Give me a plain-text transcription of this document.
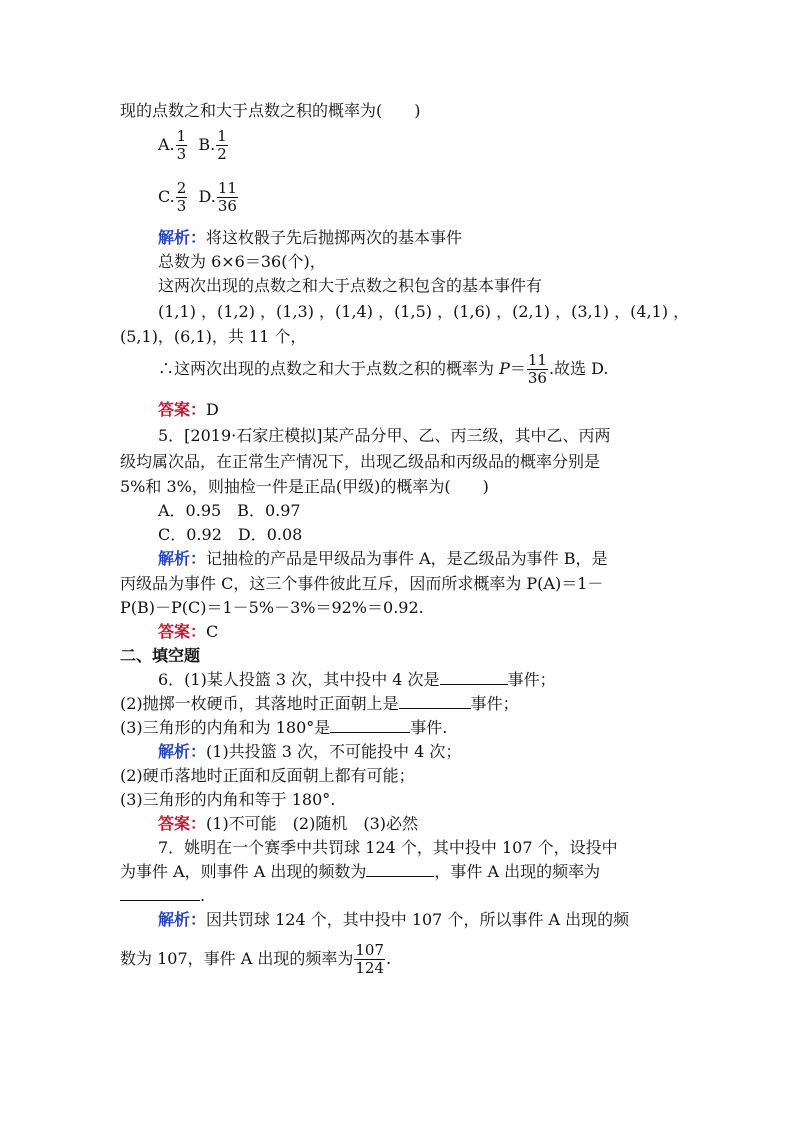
现的点数之和大于点数之积的概率为(　　)
A. $\frac{1}{3} B$. $\frac{1}{2}$
C. $\frac{2}{3} D$. $\frac{11}{36}$
解析：将这枚骰子先后抛掷两次的基本事件
总数为 6×6＝36(个)，
这两次出现的点数之和大于点数之积包含的基本事件有
(1,1) ，(1,2) ，(1,3) ，(1,4) ，(1,5) ，(1,6) ，(2,1) ，(3,1) ，(4,1) ，
(5,1)，(6,1)，共 11 个，
∴这两次出现的点数之和大于点数之积的概率为 $P= \frac{11}{36}$ .故选 D.
答案：D
5．[2019·石家庄模拟]某产品分甲、乙、丙三级，其中乙、丙两
级均属次品，在正常生产情况下，出现乙级品和丙级品的概率分别是
5%和 3%，则抽检一件是正品(甲级)的概率为(　　)
A．0.95　B．0.97
C．0.92　D．0.08
解析：记抽检的产品是甲级品为事件 A，是乙级品为事件 B，是
丙级品为事件 C，这三个事件彼此互斥，因而所求概率为 P(A)＝1－
P(B)－P(C)＝1－5%－3%＝92%＝0.92.
答案：C
二、填空题
6．(1)某人投篮 3 次，其中投中 4 次是	事件；
(2)抛掷一枚硬币，其落地时正面朝上是	事件；
(3)三角形的内角和为 180°是	事件.
解析：(1)共投篮 3 次，不可能投中 4 次；
(2)硬币落地时正面和反面朝上都有可能；
(3)三角形的内角和等于 180°.
答案：(1)不可能　(2)随机　(3)必然
7．姚明在一个赛季中共罚球 124 个，其中投中 107 个，设投中
为事件 A，则事件 A 出现的频数为	，事件 A 出现的频率为
.
解析：因共罚球 124 个，其中投中 107 个，所以事件 A 出现的频
数为 107，事件 A 出现的频率为 $\frac{107}{124}$ .
